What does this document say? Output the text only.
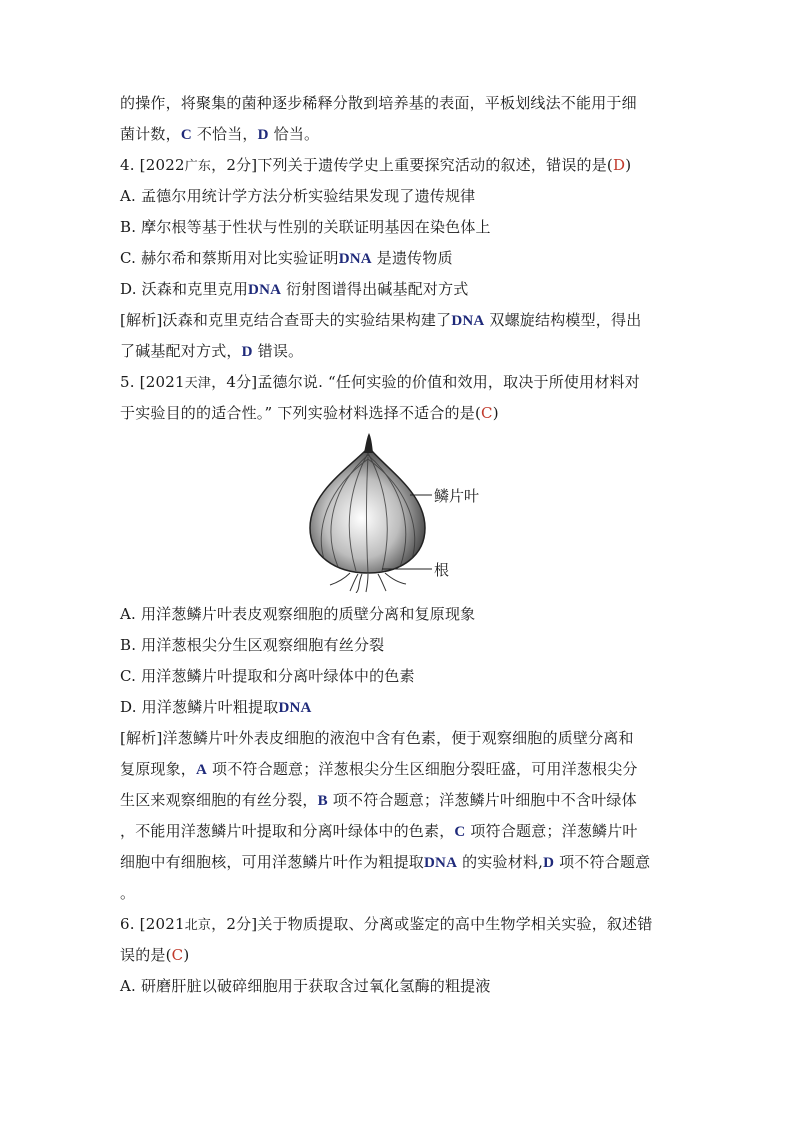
的操作，将聚集的菌种逐步稀释分散到培养基的表面，平板划线法不能用于细
菌计数，C 不恰当，D 恰当。
4. [2022广东，2分]下列关于遗传学史上重要探究活动的叙述，错误的是(D)
A. 孟德尔用统计学方法分析实验结果发现了遗传规律
B. 摩尔根等基于性状与性别的关联证明基因在染色体上
C. 赫尔希和蔡斯用对比实验证明DNA 是遗传物质
D. 沃森和克里克用DNA 衍射图谱得出碱基配对方式
[解析]沃森和克里克结合查哥夫的实验结果构建了DNA 双螺旋结构模型，得出
了碱基配对方式，D 错误。
5. [2021天津，4分]孟德尔说. “任何实验的价值和效用，取决于所使用材料对
于实验目的的适合性。” 下列实验材料选择不适合的是(C)
鳞片叶
根
A. 用洋葱鳞片叶表皮观察细胞的质壁分离和复原现象
B. 用洋葱根尖分生区观察细胞有丝分裂
C. 用洋葱鳞片叶提取和分离叶绿体中的色素
D. 用洋葱鳞片叶粗提取DNA
[解析]洋葱鳞片叶外表皮细胞的液泡中含有色素，便于观察细胞的质壁分离和
复原现象，A 项不符合题意；洋葱根尖分生区细胞分裂旺盛，可用洋葱根尖分
生区来观察细胞的有丝分裂，B 项不符合题意；洋葱鳞片叶细胞中不含叶绿体
，不能用洋葱鳞片叶提取和分离叶绿体中的色素，C 项符合题意；洋葱鳞片叶
细胞中有细胞核，可用洋葱鳞片叶作为粗提取DNA 的实验材料,D 项不符合题意
。
6. [2021北京，2分]关于物质提取、分离或鉴定的高中生物学相关实验，叙述错
误的是(C)
A. 研磨肝脏以破碎细胞用于获取含过氧化氢酶的粗提液
